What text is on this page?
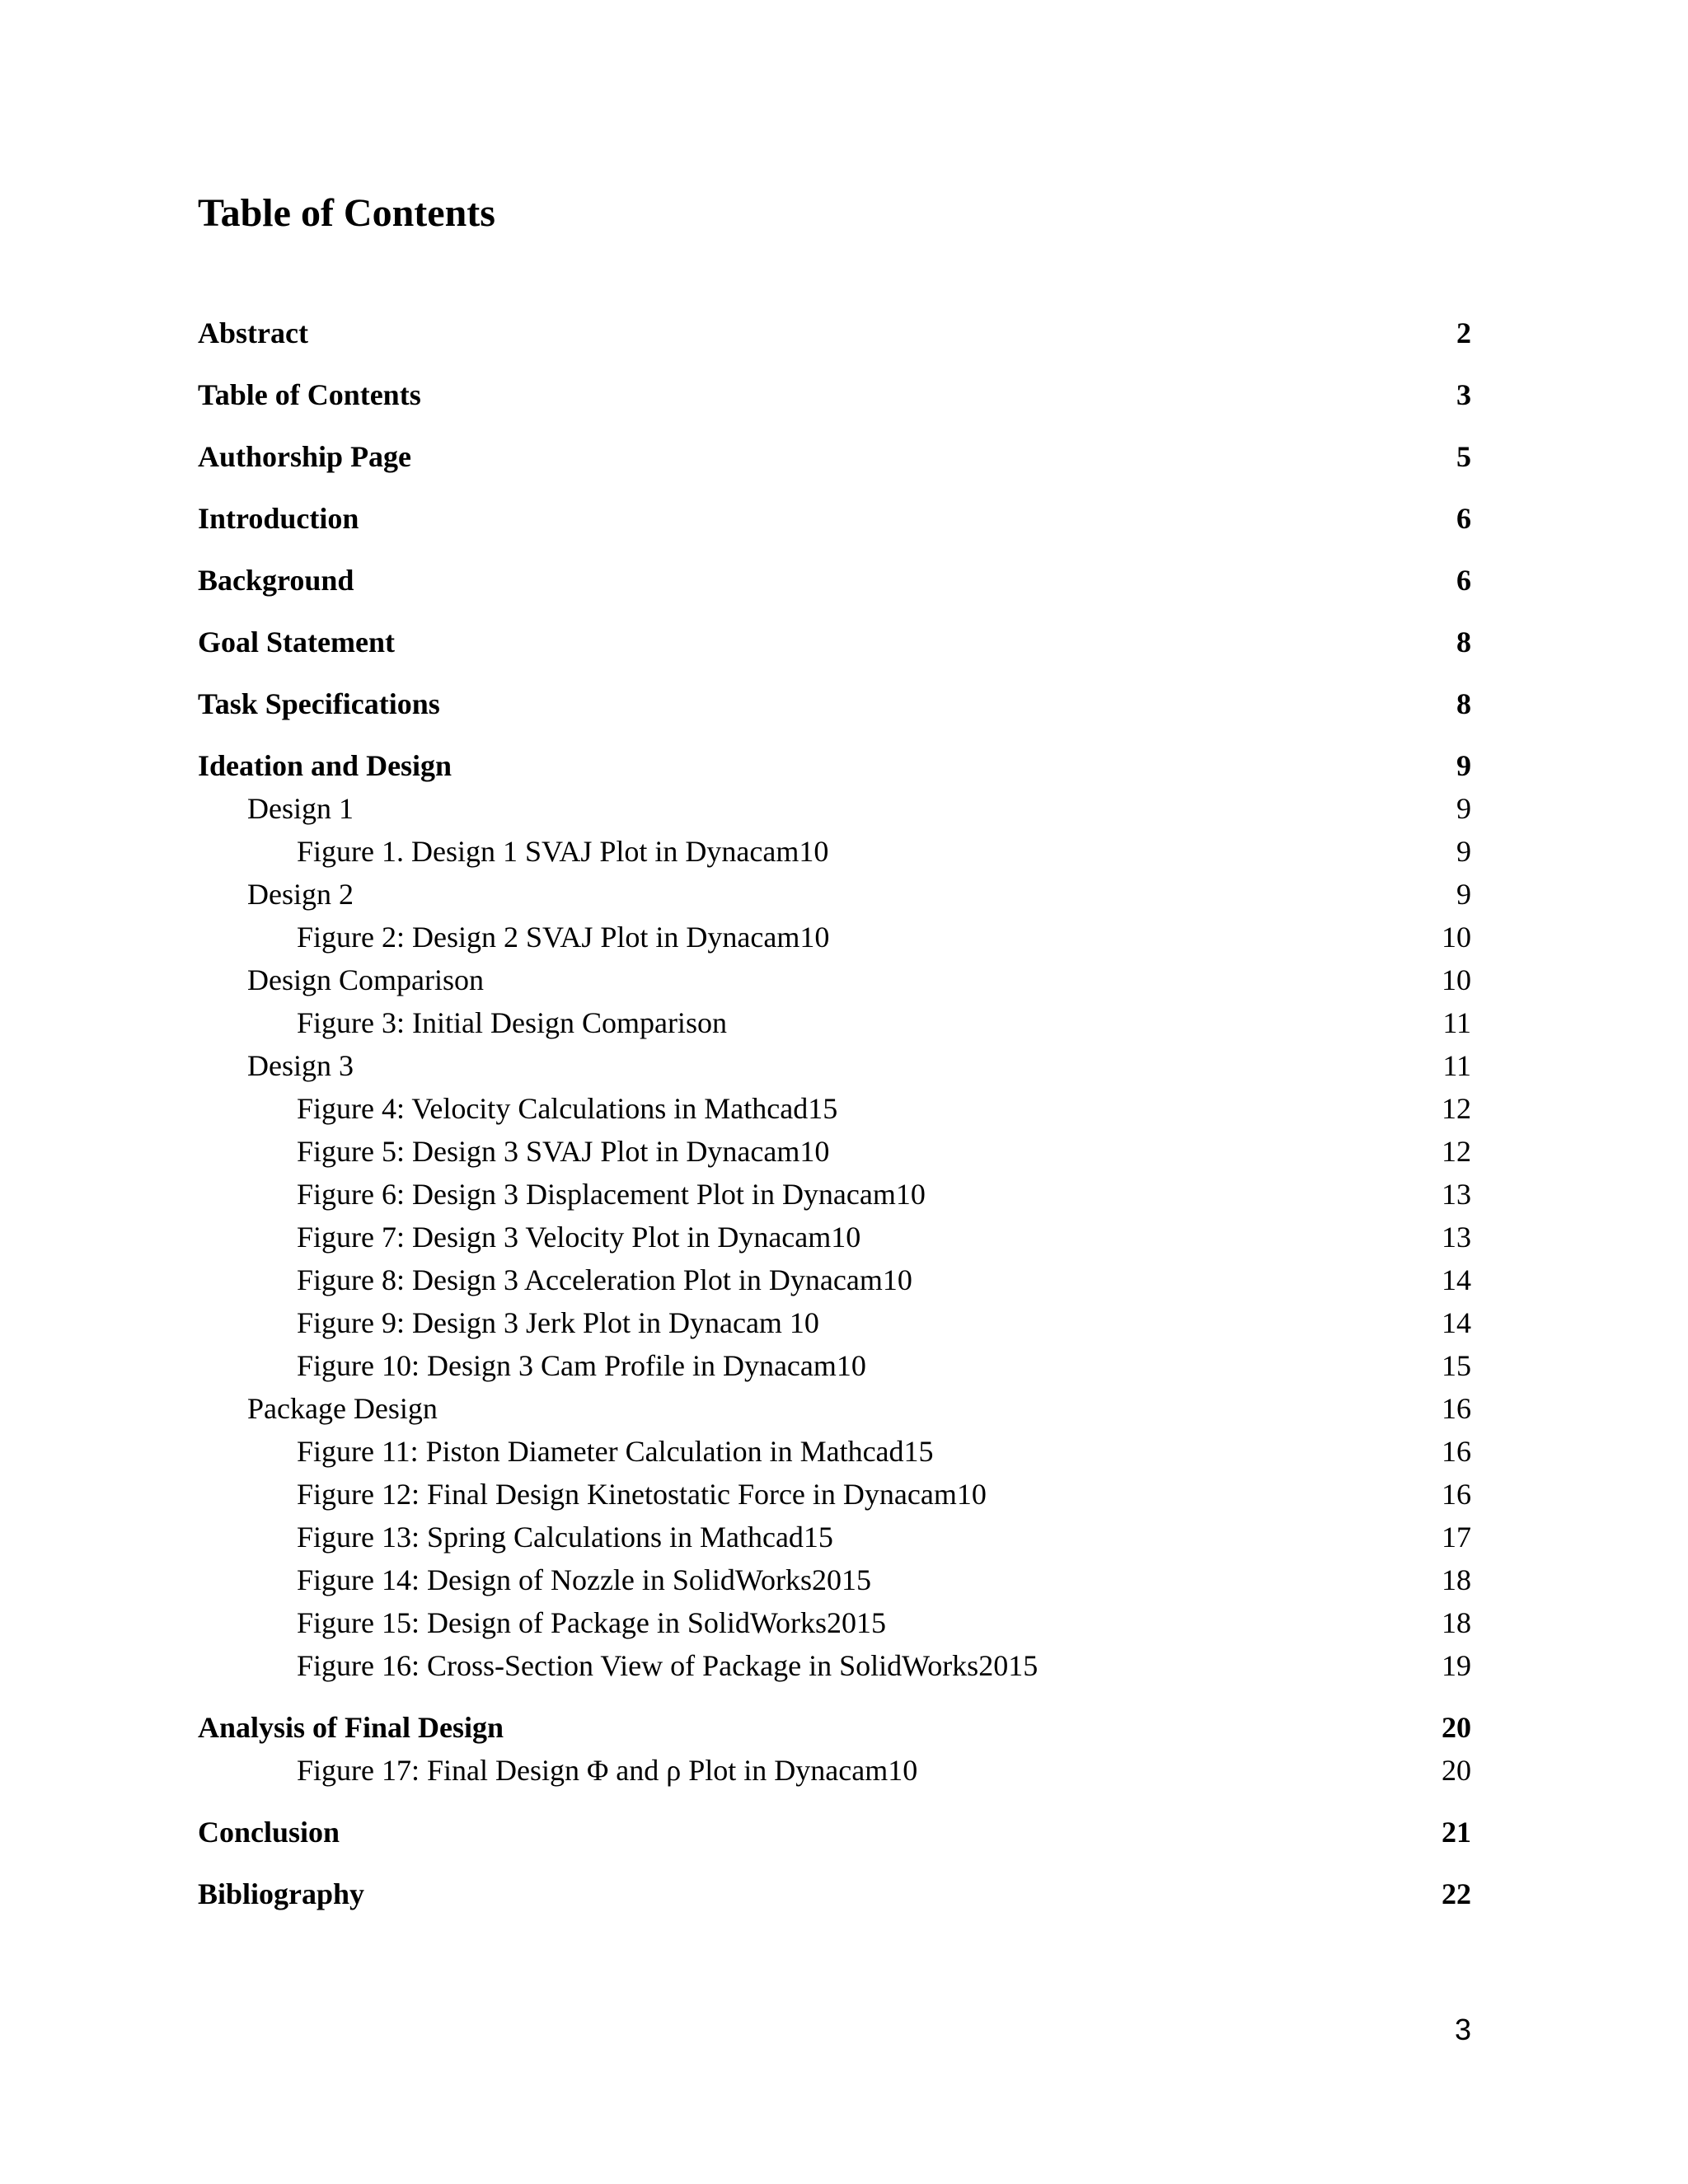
Table of Contents
Abstract	2
Table of Contents	3
Authorship Page	5
Introduction	6
Background	6
Goal Statement	8
Task Specifications	8
Ideation and Design	9
Design 1	9
Figure 1. Design 1 SVAJ Plot in Dynacam10	9
Design 2	9
Figure 2: Design 2 SVAJ Plot in Dynacam10	10
Design Comparison	10
Figure 3: Initial Design Comparison	11
Design 3	11
Figure 4: Velocity Calculations in Mathcad15	12
Figure 5: Design 3 SVAJ Plot in Dynacam10	12
Figure 6: Design 3 Displacement Plot in Dynacam10	13
Figure 7: Design 3 Velocity Plot in Dynacam10	13
Figure 8: Design 3 Acceleration Plot in Dynacam10	14
Figure 9: Design 3 Jerk Plot in Dynacam 10	14
Figure 10: Design 3 Cam Profile in Dynacam10	15
Package Design	16
Figure 11: Piston Diameter Calculation in Mathcad15	16
Figure 12: Final Design Kinetostatic Force in Dynacam10	16
Figure 13: Spring Calculations in Mathcad15	17
Figure 14: Design of Nozzle in SolidWorks2015	18
Figure 15: Design of Package in SolidWorks2015	18
Figure 16: Cross-Section View of Package in SolidWorks2015	19
Analysis of Final Design	20
Figure 17: Final Design Φ and ρ Plot in Dynacam10	20
Conclusion	21
Bibliography	22
3
